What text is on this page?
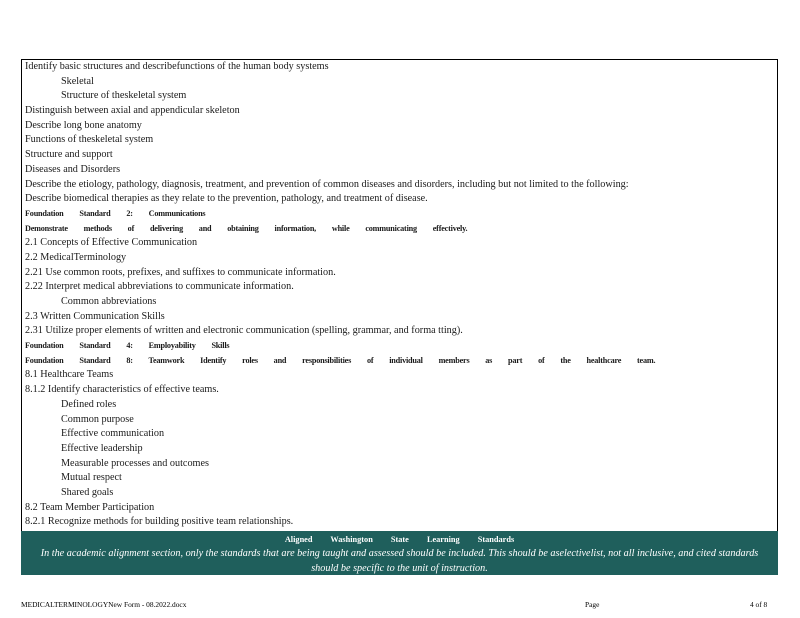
Identify basic structures and describefunctions of the human body systems
Skeletal
Structure of theskeletal system
Distinguish between axial and appendicular skeleton
Describe long bone anatomy
Functions of theskeletal system
Structure and support
Diseases and Disorders
Describe the etiology, pathology, diagnosis, treatment, and prevention of common diseases and disorders, including but not limited to the following:
Describe biomedical therapies as they relate to the prevention, pathology, and treatment of disease.
Foundation Standard 2: Communications
Demonstrate methods of delivering and obtaining information, while communicating effectively.
2.1 Concepts of Effective Communication
2.2 MedicalTerminology
2.21 Use common roots, prefixes, and suffixes to communicate information.
2.22 Interpret medical abbreviations to communicate information.
Common abbreviations
2.3 Written Communication Skills
2.31 Utilize proper elements of written and electronic communication (spelling, grammar, and forma tting).
Foundation Standard 4: Employability Skills
Foundation Standard 8: Teamwork Identify roles and responsibilities of individual members as part of the healthcare team.
8.1 Healthcare Teams
8.1.2 Identify characteristics of effective teams.
Defined roles
Common purpose
Effective communication
Effective leadership
Measurable processes and outcomes
Mutual respect
Shared goals
8.2 Team Member Participation
8.2.1 Recognize methods for building positive team relationships.
Aligned Washington State Learning Standards
In the academic alignment section, only the standards that are being taught and assessed should be included. This should be aselectivelist, not all inclusive, and cited standards should be specific to the unit of instruction.
MEDICALTERMINOLOGYNew Form - 08.2022.docx	Page	4 of 8
